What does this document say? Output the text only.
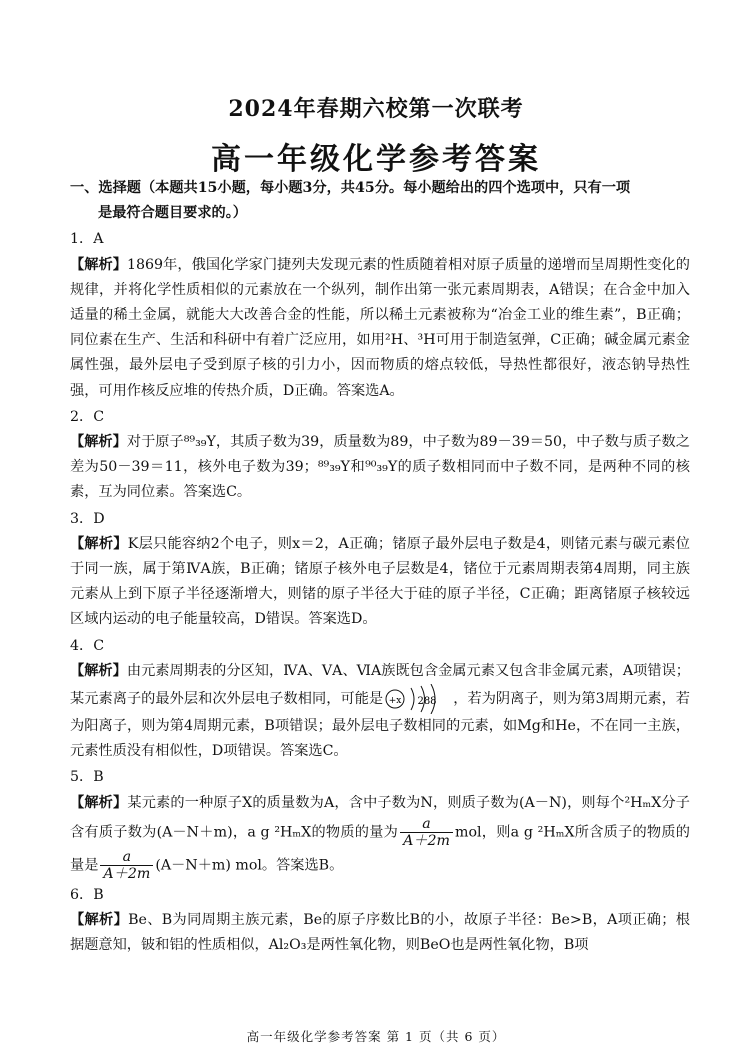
2024年春期六校第一次联考
高一年级化学参考答案
一、选择题（本题共15小题，每小题3分，共45分。每小题给出的四个选项中，只有一项
是最符合题目要求的。）
1．A
【解析】1869年，俄国化学家门捷列夫发现元素的性质随着相对原子质量的递增而呈周期性变化的规律，并将化学性质相似的元素放在一个纵列，制作出第一张元素周期表，A错误；在合金中加入适量的稀土金属，就能大大改善合金的性能，所以稀土元素被称为“冶金工业的维生素”，B正确；同位素在生产、生活和科研中有着广泛应用，如用²H、³H可用于制造氢弹，C正确；碱金属元素金属性强，最外层电子受到原子核的引力小，因而物质的熔点较低，导热性都很好，液态钠导热性强，可用作核反应堆的传热介质，D正确。答案选A。
2．C
【解析】对于原子⁸⁹₃₉Y，其质子数为39，质量数为89，中子数为89－39＝50，中子数与质子数之差为50－39＝11，核外电子数为39；⁸⁹₃₉Y和⁹⁰₃₉Y的质子数相同而中子数不同，是两种不同的核素，互为同位素。答案选C。
3．D
【解析】K层只能容纳2个电子，则x＝2，A正确；锗原子最外层电子数是4，则锗元素与碳元素位于同一族，属于第ⅣA族，B正确；锗原子核外电子层数是4，锗位于元素周期表第4周期，同主族元素从上到下原子半径逐渐增大，则锗的原子半径大于硅的原子半径，C正确；距离锗原子核较远区域内运动的电子能量较高，D错误。答案选D。
4．C
【解析】由元素周期表的分区知，ⅣA、ⅤA、ⅥA族既包含金属元素又包含非金属元素，A项错误；某元素离子的最外层和次外层电子数相同，可能是 +x 288 ，若为阴离子，则为第3周期元素，若为阳离子，则为第4周期元素，B项错误；最外层电子数相同的元素，如Mg和He，不在同一主族，元素性质没有相似性，D项错误。答案选C。
5．B
【解析】某元素的一种原子X的质量数为A，含中子数为N，则质子数为(A－N)，则每个²HₘX分子含有质子数为(A－N＋m)，a g ²HₘX的物质的量为 $\frac{a}{A+2m}$ mol，则a g ²HₘX所含质子的物质的量是 $\frac{a}{A+2m} (A-N+m)$ mol。答案选B。
6．B
【解析】Be、B为同周期主族元素，Be的原子序数比B的小，故原子半径：Be>B，A项正确；根据题意知，铍和铝的性质相似，Al₂O₃是两性氧化物，则BeO也是两性氧化物，B项
高一年级化学参考答案 第 1 页（共 6 页）
